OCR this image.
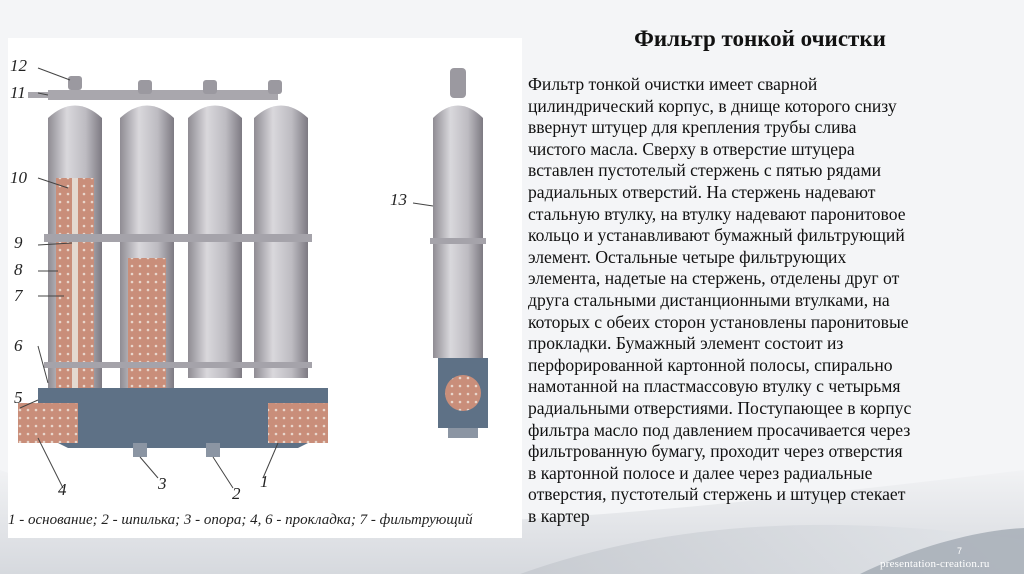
12
11
10
9
8
7
6
5
4	3
2
1
13
1 - основание; 2 - шпилька; 3 - опора; 4, 6 - прокладка; 7 - фильтрующий
Фильтр тонкой очистки
Фильтр тонкой очистки имеет сварной
цилиндрический корпус, в днище которого снизу
ввернут штуцер для крепления трубы слива
чистого масла. Сверху в отверстие штуцера
вставлен пустотелый стержень с пятью рядами
радиальных отверстий. На стержень надевают
стальную втулку, на втулку надевают паронитовое
кольцо и устанавливают бумажный фильтрующий
элемент. Остальные четыре фильтрующих
элемента, надетые на стержень, отделены друг от
друга стальными дистанционными втулками, на
которых с обеих сторон установлены паронитовые
прокладки. Бумажный элемент состоит из
перфорированной картонной полосы, спирально
намотанной на пластмассовую втулку с четырьмя
радиальными отверстиями. Поступающее в корпус
фильтра масло под давлением просачивается через
фильтрованную бумагу, проходит через отверстия
в картонной полосе и далее через радиальные
отверстия, пустотелый стержень и штуцер стекает
в картер
7
presentation-creation.ru
